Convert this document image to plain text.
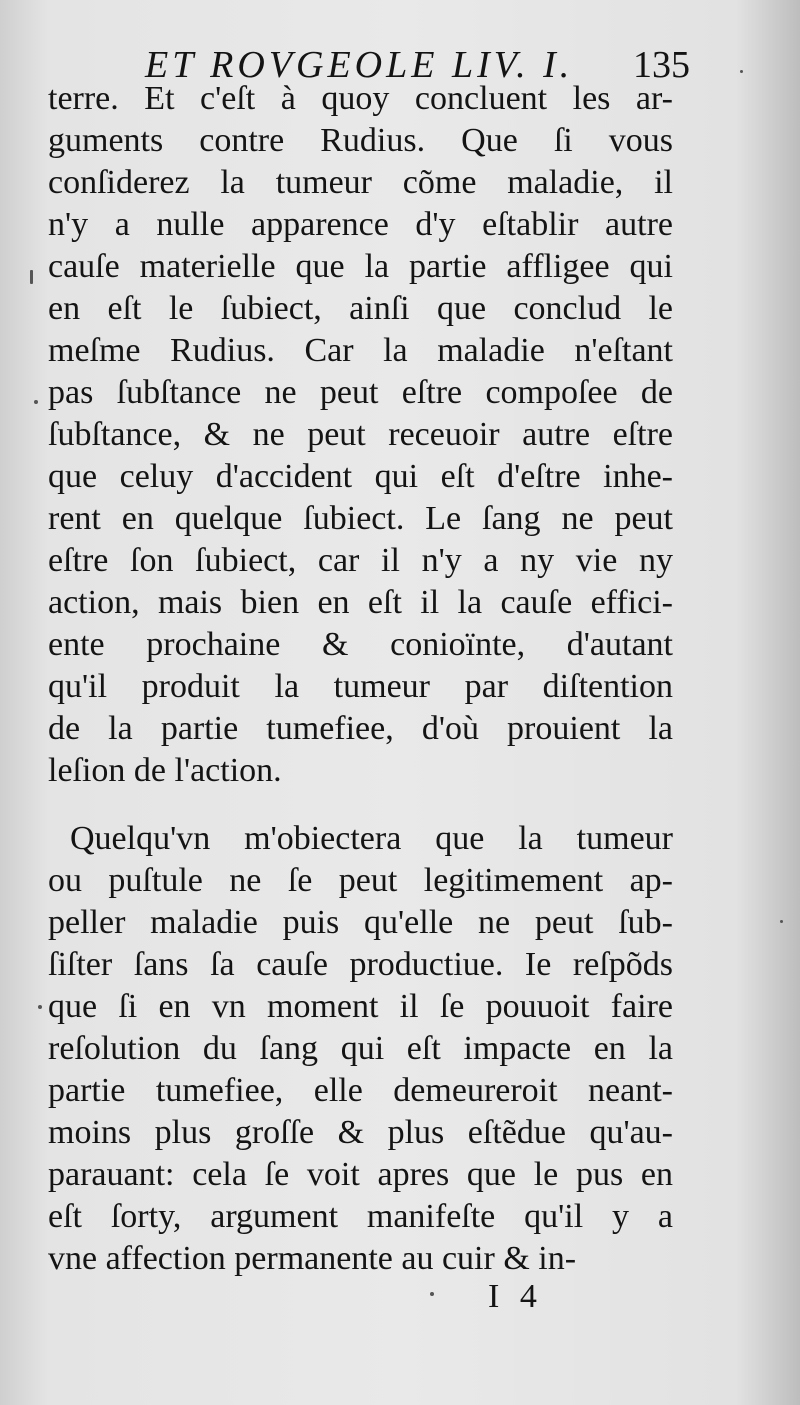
ET ROVGEOLE LIV. I. 135
terre. Et c'eſt à quoy concluent les ar-
guments contre Rudius. Que ſi vous
conſiderez la tumeur cõme maladie, il
n'y a nulle apparence d'y eſtablir autre
cauſe materielle que la partie affligee qui
en eſt le ſubiect, ainſi que conclud le
meſme Rudius. Car la maladie n'eſtant
pas ſubſtance ne peut eſtre compoſee de
ſubſtance, & ne peut receuoir autre eſtre
que celuy d'accident qui eſt d'eſtre inhe-
rent en quelque ſubiect. Le ſang ne peut
eſtre ſon ſubiect, car il n'y a ny vie ny
action, mais bien en eſt il la cauſe effici-
ente prochaine & conioïnte, d'autant
qu'il produit la tumeur par diſtention
de la partie tumefiee, d'où prouient la
leſion de l'action.
Quelqu'vn m'obiectera que la tumeur
ou puſtule ne ſe peut legitimement ap-
peller maladie puis qu'elle ne peut ſub-
ſiſter ſans ſa cauſe productiue. Ie reſpõds
que ſi en vn moment il ſe pouuoit faire
reſolution du ſang qui eſt impacte en la
partie tumefiee, elle demeureroit neant-
moins plus groſſe & plus eſtẽdue qu'au-
parauant: cela ſe voit apres que le pus en
eſt ſorty, argument manifeſte qu'il y a
vne affection permanente au cuir & in-
I 4
